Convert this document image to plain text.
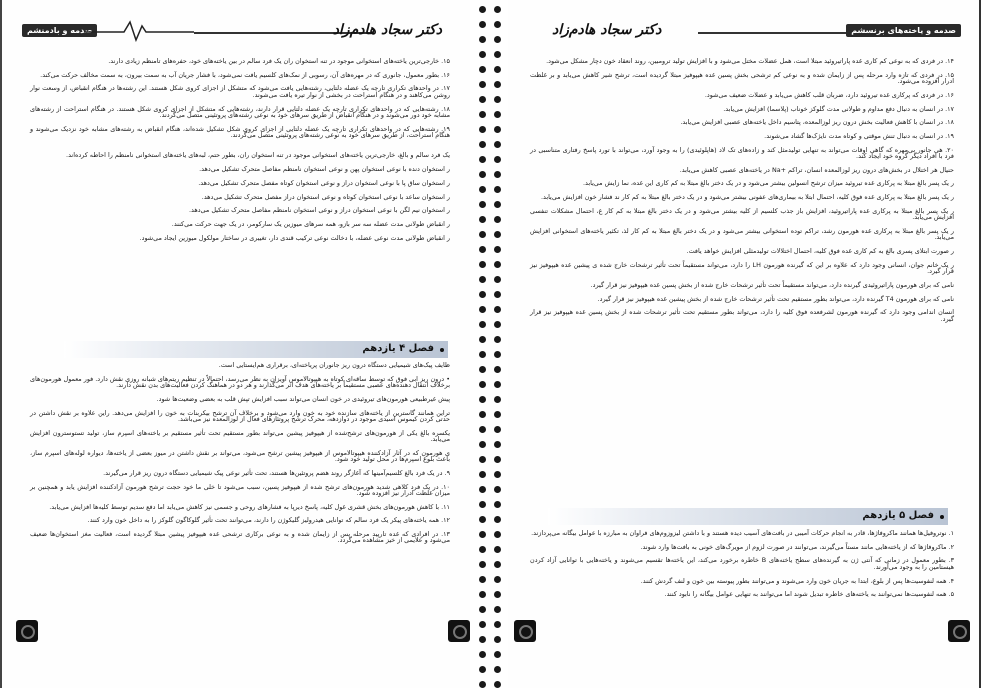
صدمه و بادمنشم	دکتر سجاد هادم‌زاد

۱۵. خارجی‌ترین یاخته‌های استخوانی موجود در تنه استخوان ران یک فرد سالم در بین یاخته‌های خود، حفره‌های تامنظم زیادی دارند.

۱۶. بطور معمول، جانوری که در مهره‌های آن، رسوبی از نمک‌های کلسیم یافت نمی‌شود، با فشار جریان آب به سمت بیرون، به سمت مخالف حرکت می‌کند.

۱۷. در واحدهای تکراری تارچه یک عضله دلتایی، رشته‌هایی یافت می‌شود که متشکل از اجزای کروی شکل هستند. این رشته‌ها در هنگام انقباض، از وسعت نوار روشن می‌کاهند و در هنگام استراحت در بخشی از نوار تیره یافت می‌شوند.

۱۸. رشته‌هایی که در واحدهای تکراری تارچه یک عضله دلتایی قرار دارند، رشته‌هایی که متشکل از اجزای کروی شکل هستند. در هنگام استراحت از رشته‌های مشابه خود دور می‌شوند و در هنگام انقباض از طریق سرهای خود به نوعی رشته‌های پروتئینی متصل می‌گردند.

۱۹. رشته‌هایی که در واحدهای تکراری تارچه یک عضله دلتایی از اجزای کروی شکل تشکیل شده‌اند، هنگام انقباض به رشته‌های مشابه خود نزدیک می‌شوند و هنگام استراحت، از طریق سرهای خود به نوعی رشته‌های پروتئینی متصل می‌گردند.

یک فرد سالم و بالغ، خارجی‌ترین یاخته‌های استخوانی موجود در تنه استخوان ران، بطور حتم، لبه‌های یاخته‌های استخوانی نامنظم را احاطه کرده‌اند.

ر استخوان دنده با نوعی استخوان پهن و نوعی استخوان نامنظم مفاصل متحرک تشکیل می‌دهد.

ر استخوان ساق پا با نوعی استخوان دراز و نوعی استخوان کوتاه مفصل متحرک تشکیل می‌دهد.

ر استخوان ساعد با نوعی استخوان کوتاه و نوعی استخوان دراز مفصل متحرک تشکیل می‌دهد.

ر استخوان نیم لگن با نوعی استخوان دراز و نوعی استخوان نامنظم مفاصل متحرک تشکیل می‌دهد.

ر انقباض طولانی مدت عضله سه سر بازو، همه سرهای میوزین یک سارکومر، در یک جهت حرکت می‌کنند.

ر انقباض طولانی مدت نوعی عضله، با دخالت نوعی ترکیب قندی دار، تغییری در ساختار مولکول میوزین ایجاد می‌شود.

فصل ۴ یازدهم

ظایف پیک‌های شیمیایی دستگاه درون ریز جانوران پریاخته‌ای، برقراری هم‌ایستایی است.

• درون ریز ابی فوق که توسط ساقه‌ای کوتاه به هیپوتالاموس آویزان به نظر می‌رسد، احتمالاً در تنظیم ریتم‌های شبانه روزی نقش دارد. فور معمول هورمون‌های برخلاف انتقال دهنده‌های عصبی مستقیماً بر یاخته‌های هدف اثر می‌گذارند و هر دو در هماهنگ کردن فعالیت‌های بدن نقش دارند.

پیش غیرطبیعی هورمون‌های تیروئیدی در خون انسان می‌تواند سبب افزایش تپش قلب به بعضی وضعیت‌ها شود.

تراین همانند گاسترین از یاخته‌های سازنده خود به خون وارد می‌شود و برخلاف آن ترشح بیکربنات به خون را افزایش می‌دهد. راین علاوه بر نقش داشتن در حدتی کردن کیموس اسیدی موجود در دوازدهه، محرک ترشح پروتئازهای فعال از لوزالمعده نیز می‌باشد.

یکسره بالغ یکی از هورمون‌های ترشح‌شده از هیپوفیز پیشین می‌تواند بطور مستقیم تحت تأثیر مستقیم بر یاخته‌های اسپرم ساز، تولید تستوسترون افزایش می‌یابد.

ی هورمون که در آثار آزادکننده هیپوتالاموس از هیپوفیز پیشین ترشح می‌شود، می‌تواند بر نقش داشتن در میوز بعضی از یاخته‌ها، دیواره لوله‌های اسپرم ساز، باعث بلوغ اسپرم‌ها در محل تولید خود شود.

۹. در یک فرد بالغ کلسیم‌آمینها که آغازگر روند هضم پروتئین‌ها هستند، تحت تأثیر نوعی پیک شیمیایی دستگاه درون ریز قرار می‌گیرند.

۱۰. در یک فرد کلاهی شدید هورمون‌های ترشح شده از هیپوفیز پسین، سبب می‌شود تا خلی ما خود حجت ترشح هورمون آزادکننده افزایش یابد و همچنین بر میزان غلظت ادرار نیز افزوده شود.

۱۱. با کاهش هورمون‌های بخش قشری غول کلیه، پاسخ دیرپا به فشارهای روحی و جسمی نیز کاهش می‌یابد اما دفع سدیم توسط کلیه‌ها افزایش می‌یابد.

۱۲. همه یاخته‌های پیکر یک فرد سالم که توانایی هیدرولیز گلیکوژن را دارند، می‌توانند تحت تأثیر گلوکاگون گلوکز را به داخل خون وارد کنند.

۱۳. در افرادی که غده تارپید مرحله پس از زایمان شده و به نوعی برکاری ترشحی غده هیپوفیز پیشین مبتلا گردیده است، فعالیت مغز استخوان‌ها ضعیف می‌شود و علایمی از خیز مشاهده می‌گردد.

دکتر سجاد هادم‌زاد	صدمه و یاخته‌های برنسشم

۱۴. در فردی که به نوعی کم کاری غده پاراتیروئید مبتلا است، همل عضلات مختل می‌شود و با افزایش تولید ترومبین، روند انعقاد خون دچار مشکل می‌شود.

۱۵. در فردی که تازه وارد مرحله پس از زایمان شده و به نوعی کم ترشحی بخش پسین غده هیپوفیز مبتلا گردیده است، ترشح شیر کاهش می‌یابد و بر غلظت ادرار افزوده می‌شود.

۱۶. در فردی که پرکاری غده تیروئید دارد، ضربان قلب کاهش می‌یابد و عضلات ضعیف می‌شود.

۱۷. در انسان به دنبال دفع مداوم و طولانی مدت گلوکز خوناب (پلاسما) افزایش می‌یابد.

۱۸. در انسان با کاهش فعالیت بخش درون ریز لوزالمعده، پتاسیم داخل یاخته‌های عصبی افزایش می‌یابد.

۱۹. در انسان به دنبال تنش موقتی و کوتاه مدت نایژک‌ها گشاد می‌شوند.

۲۰. هی جانور بی‌مهره که گاهی اوقات می‌تواند به تنهایی تولیدمثل کند و زاده‌های تک لاد (هاپلوئیدی) را به وجود آورد، می‌تواند با تورد پاسخ رفتاری متناسبی در فرد با افراد دیگر گروه خود ایجاد کند.

حنیال هر اختلال در بخش‌های درون ریز لوزالمعده انسان، تراکم +Na در یاخته‌های عصبی کاهش می‌یابد.

ر یک پسر بالغ مبتلا به پرکاری غده تیروئید میزان ترشح انسولین بیشتر می‌شود و در یک دختر بالغ مبتلا به کم کاری این غده، نما زایش می‌یابد.

ر یک پسر بالغ مبتلا به پرکاری غده فوق کلیه، احتمال ابتلا به بیماری‌های عفونی بیشتر می‌شود و در یک دختر بالغ مبتلا به کم کار ند فشار خون افزایش می‌یابد.

ر یک پسر بالغ مبتلا به پرکاری غده پاراتیروئید، افزایش باز جذب کلسیم از کلیه بیشتر می‌شود و در یک دختر بالغ مبتلا به کم کار غ، احتمال مشکلات تنفسی افزایش می‌یابد.

ر یک پسر بالغ مبتلا به پرکاری غده هورمون رشد، تراکم توده استخوانی بیشتر می‌شود و در یک دختر بالغ مبتلا به کم کار لذ، تکثیر یاخته‌های استخوانی افزایش می‌یابد.

ر صورت ابتلای پسری بالغ به کم کاری غده فوق کلیه، احتمال اختلالات تولیدمثلی افزایش خواهد یافت.

ر یک خانم جوان، انسانی وجود دارد که علاوه بر این که گیرنده هورمون LH را دارد، می‌تواند مستقیماً تحت تأثیر ترشحات خارج شده ی پیشین غده هیپوفیز نیز قرار گیرد.

نامی که برای هورمون پاراتیروئیدی گیرنده دارد، می‌تواند مستقیماً تحت تأثیر ترشحات خارج شده از بخش پسین غده هیپوفیز نیز قرار گیرد.

نامی که برای هورمون T4 گیرنده دارد، می‌تواند بطور مستقیم تحت تأثیر ترشحات خارج شده از بخش پیشین غده هیپوفیز نیز قرار گیرد.

انسان اندامی وجود دارد که گیرنده هورمون لشرفعده فوق کلیه را دارد، می‌تواند بطور مستقیم تحت تأثیر ترشحات شده از بخش پسین غده هیپوفیز نیز قرار گیرد.

فصل ۵ یازدهم

۱. نوتروفیل‌ها همانند ماکروفاژها، قادر به انجام حرکات آمیبی در بافت‌های آسیب دیده هستند و با داشتن لیزوزوم‌های فراوان به مبارزه با عوامل بیگانه می‌پردازند.

۲. ماکروفاژها که از یاخته‌هایی مانند مستاً می‌گیرند، می‌توانند در صورت لزوم از مویرگ‌های خونی به بافت‌ها وارد شوند.

۳. بطور معمول در زمانی که آنتی ژن به گیرنده‌های سطح یاخته‌های B خاطره برخورد می‌کند، این یاخته‌ها تقسیم می‌شوند و یاخته‌هایی با توانایی آزاد کردن هیستامین را به وجود می‌آورند.

۴. همه لنفوسیت‌ها پس از بلوغ، ابتدا به جریان خون وارد می‌شوند و می‌توانند بطور پیوسته بین خون و لنف گردش کنند.

۵. همه لنفوسیت‌ها نمی‌توانند به یاخته‌های خاطره تبدیل شوند اما می‌توانند به تنهایی عوامل بیگانه را نابود کنند.
